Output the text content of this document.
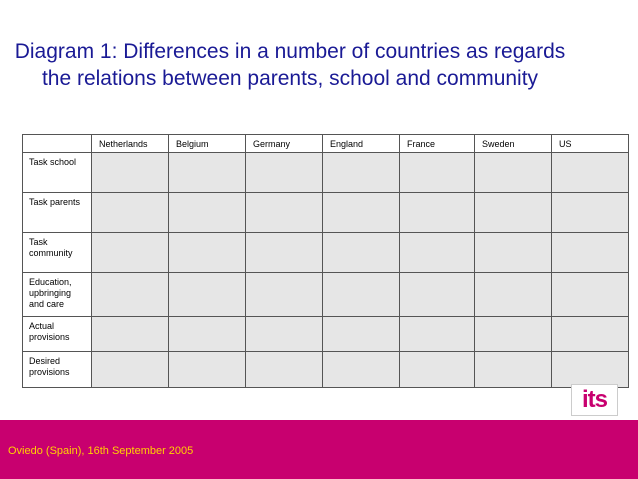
Diagram 1: Differences in a number of countries as regards the relations between parents, school and community
	Netherlands	Belgium	Germany	England	France	Sweden	US
Task school							
Task parents							
Task community							
Education, upbringing and care							
Actual provisions							
Desired provisions							
its
Oviedo (Spain), 16th September 2005
